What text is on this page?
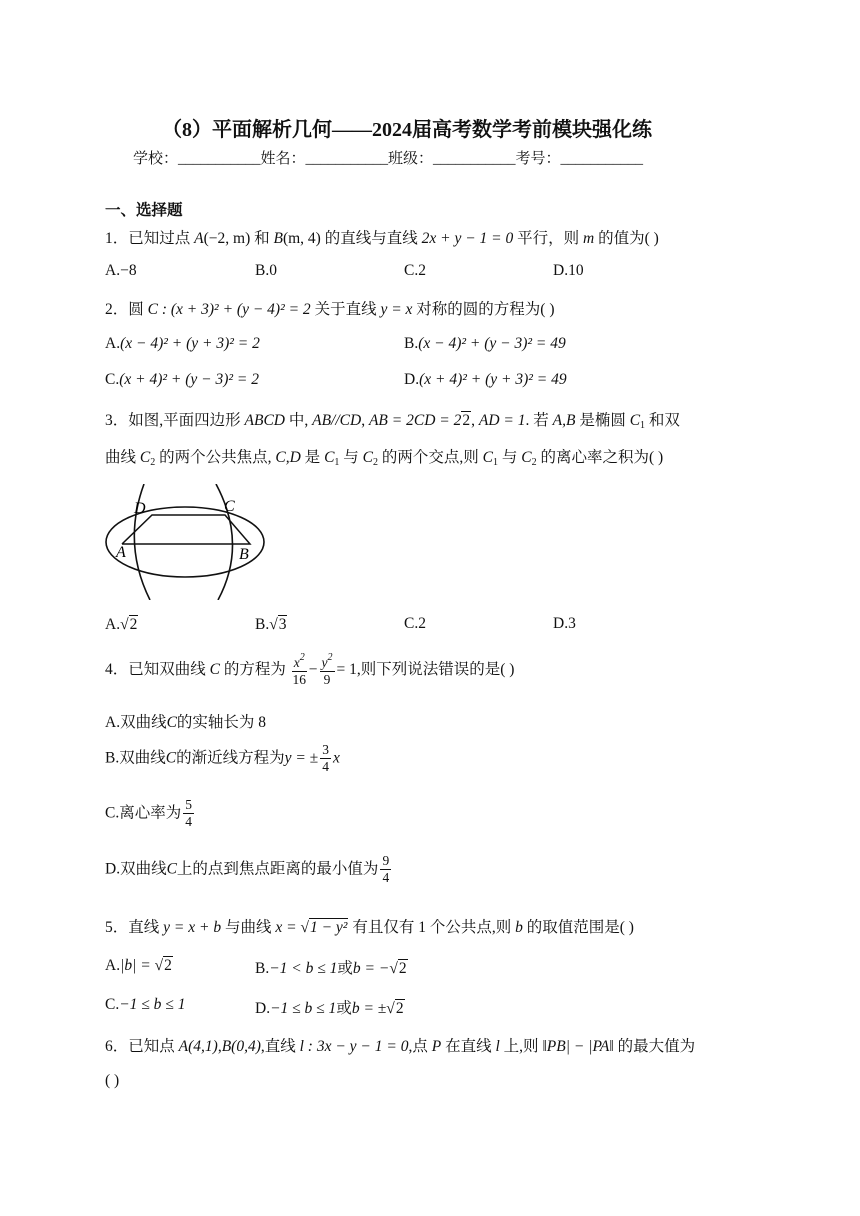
（8）平面解析几何——2024届高考数学考前模块强化练
学校：___________姓名：___________班级：___________考号：___________
一、选择题
1．已知过点 A(−2, m) 和 B(m, 4) 的直线与直线 2x + y − 1 = 0 平行，则 m 的值为( )
A.−8	B.0	C.2	D.10
2．圆 C : (x + 3)² + (y − 4)² = 2 关于直线 y = x 对称的圆的方程为( )
A.(x − 4)² + (y + 3)² = 2	B.(x − 4)² + (y − 3)² = 49
C.(x + 4)² + (y − 3)² = 2	D.(x + 4)² + (y + 3)² = 49
3．如图,平面四边形 ABCD 中, AB//CD, AB = 2CD = 22, AD = 1. 若 A,B 是椭圆 $C_1$ 和双
曲线 $C_2$ 的两个公共焦点, C,D 是 $C_1$ 与 $C_2$ 的两个交点,则 $C_1$ 与 $C_2$ 的离心率之积为( )
D	C
A	B
A.√2	B.√3	C.2	D.3
4．已知双曲线 C 的方程为 $\frac{x^2}{16} - \frac{y^2}{9} = 1$,则下列说法错误的是( )
A.双曲线C的实轴长为 8
B.双曲线C的渐近线方程为y = ± $\frac{3}{4}$ x
C.离心率为 $\frac{5}{4}$
D.双曲线C上的点到焦点距离的最小值为 $\frac{9}{4}$
5．直线 y = x + b 与曲线 x = √1 − y² 有且仅有 1 个公共点,则 b 的取值范围是( )
A.|b| = √2	B.−1 < b ≤ 1或b = −√2
C.−1 ≤ b ≤ 1	D.−1 ≤ b ≤ 1或b = ±√2
6．已知点 A(4,1),B(0,4),直线 l : 3x − y − 1 = 0,点 P 在直线 l 上,则 ‖PB| − |PA‖ 的最大值为
( )
